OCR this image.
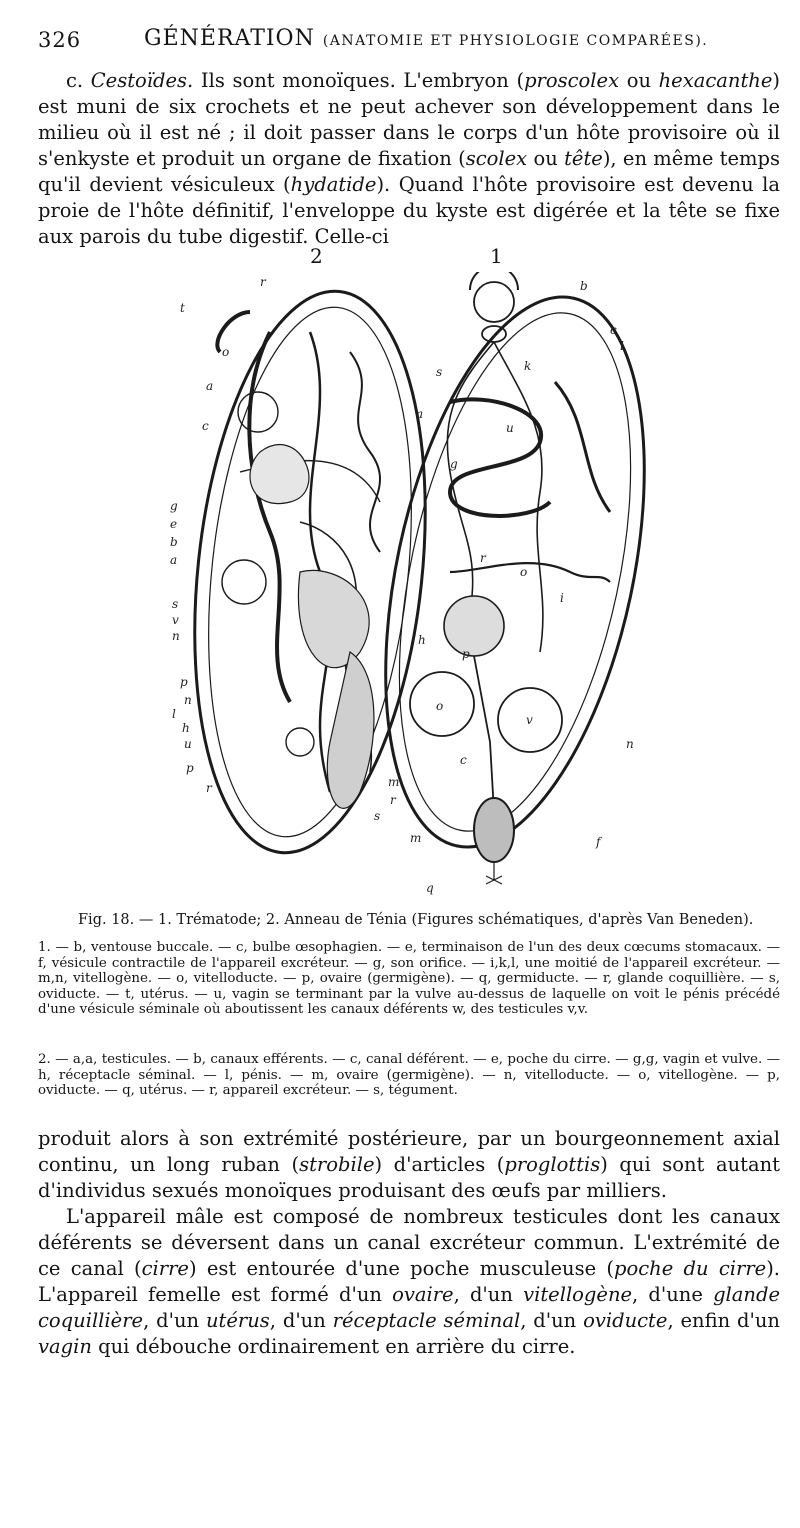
326	GÉNÉRATION (ANATOMIE ET PHYSIOLOGIE COMPARÉES).

c. Cestoïdes. Ils sont monoïques. L'embryon (proscolex ou hexacanthe) est muni de six crochets et ne peut achever son développement dans le milieu où il est né ; il doit passer dans le corps d'un hôte provisoire où il s'enkyste et produit un organe de fixation (scolex ou tête), en même temps qu'il devient vésiculeux (hydatide). Quand l'hôte provisoire est devenu la proie de l'hôte définitif, l'enveloppe du kyste est digérée et la tête se fixe aux parois du tube digestif. Celle-ci

2	1
r
t
o
a
c
g
e
b
a
s
v
n
p
n
l
h
u
p
r	m
r
s
m
b
c
l
s
a
k
u
g
r
o
i
h
p
o
v
n
c
f
q
Fig. 18. — 1. Trématode; 2. Anneau de Ténia (Figures schématiques, d'après Van Beneden).

1. — b, ventouse buccale. — c, bulbe œsophagien. — e, terminaison de l'un des deux cœcums stomacaux. — f, vésicule contractile de l'appareil excréteur. — g, son orifice. — i,k,l, une moitié de l'appareil excréteur. — m,n, vitellogène. — o, vitelloducte. — p, ovaire (germigène). — q, germiducte. — r, glande coquillière. — s, oviducte. — t, utérus. — u, vagin se terminant par la vulve au-dessus de laquelle on voit le pénis précédé d'une vésicule séminale où aboutissent les canaux déférents w, des testicules v,v.

2. — a,a, testicules. — b, canaux efférents. — c, canal déférent. — e, poche du cirre. — g,g, vagin et vulve. — h, réceptacle séminal. — l, pénis. — m, ovaire (germigène). — n, vitelloducte. — o, vitellogène. — p, oviducte. — q, utérus. — r, appareil excréteur. — s, tégument.

produit alors à son extrémité postérieure, par un bourgeonnement axial continu, un long ruban (strobile) d'articles (proglottis) qui sont autant d'individus sexués monoïques produisant des œufs par milliers.

L'appareil mâle est composé de nombreux testicules dont les canaux déférents se déversent dans un canal excréteur commun. L'extrémité de ce canal (cirre) est entourée d'une poche musculeuse (poche du cirre). L'appareil femelle est formé d'un ovaire, d'un vitellogène, d'une glande coquillière, d'un utérus, d'un réceptacle séminal, d'un oviducte, enfin d'un vagin qui débouche ordinairement en arrière du cirre.
